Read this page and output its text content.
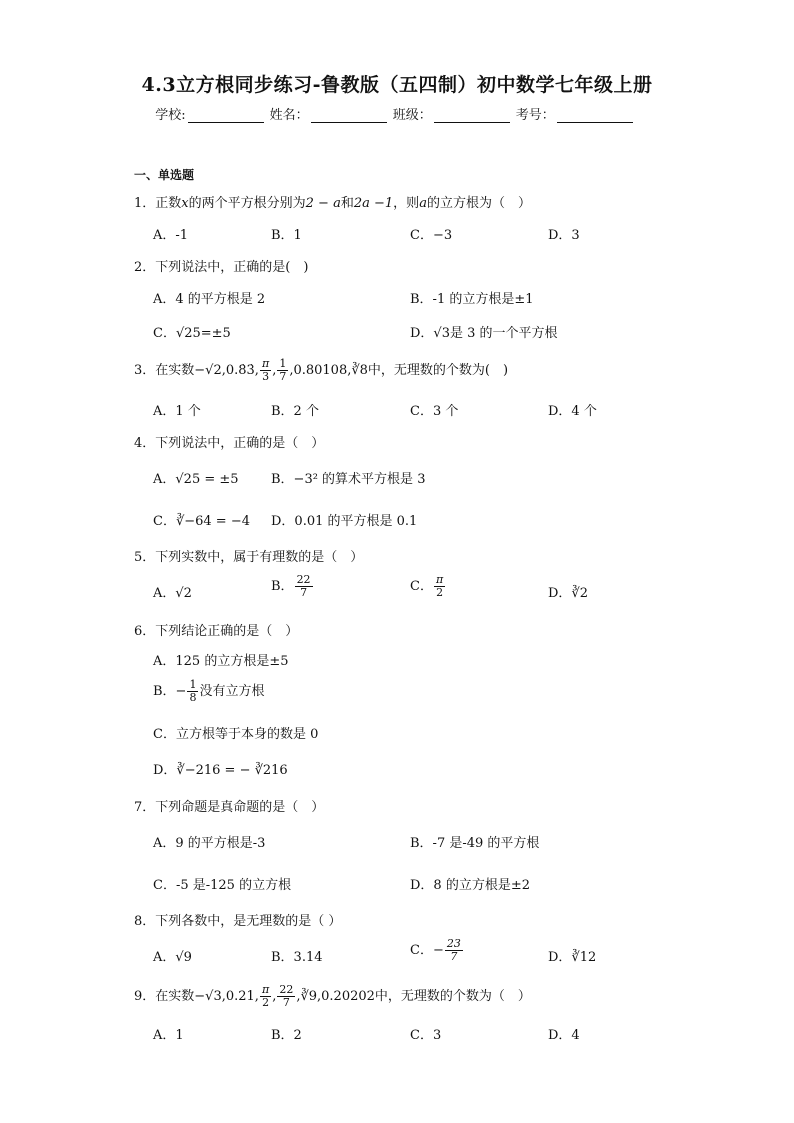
4.3立方根同步练习-鲁教版（五四制）初中数学七年级上册
学校:	姓名：	班级：	考号：
一、单选题
1．正数x的两个平方根分别为2 − a和2a −1，则a的立方根为（　）
A．-1	B．1	C．−3	D．3
2．下列说法中，正确的是(　)
A．4 的平方根是 2	B．-1 的立方根是±1
C．√25=±5	D．√3是 3 的一个平方根
3．在实数−√2,0.8̇3̇, $\frac{\pi}{3}$ , $\frac{1}{7}$ ,0.80108,∛8中，无理数的个数为(　)
A．1 个	B．2 个	C．3 个	D．4 个
4．下列说法中，正确的是（　）
A．√25 = ±5 B．−3² 的算术平方根是 3
C．∛−64 = −4 D．0.01 的平方根是 0.1
5．下列实数中，属于有理数的是（　）
A．√2	B． $\frac{22}{7}$	C． $\frac{\pi}{2}$	D．∛2
6．下列结论正确的是（　）
A．125 的立方根是±5
B．− $\frac{1}{8}$ 没有立方根
C．立方根等于本身的数是 0
D．∛−216 = − ∛216
7．下列命题是真命题的是（　）
A．9 的平方根是-3	B．-7 是-49 的平方根
C．-5 是-125 的立方根	D．8 的立方根是±2
8．下列各数中，是无理数的是（ ）
A．√9	B．3.14	C．− $\frac{23}{7}$	D．∛12
9．在实数−√3,0.21, $\frac{\pi}{2}$ , $\frac{22}{7}$ ,∛9,0.20202中，无理数的个数为（　）
A．1	B．2	C．3	D．4
